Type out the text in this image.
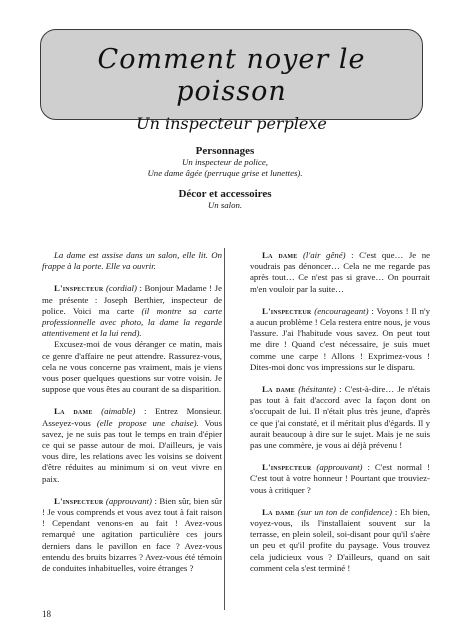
Comment noyer le poisson
Un inspecteur perplexe
Personnages
Un inspecteur de police,
Une dame âgée (perruque grise et lunettes).
Décor et accessoires
Un salon.

La dame est assise dans un salon, elle lit. On frappe à la porte. Elle va ouvrir.

L'inspecteur (cordial) : Bonjour Madame ! Je me présente : Joseph Berthier, inspecteur de police. Voici ma carte (il montre sa carte professionnelle avec photo, la dame la regarde attentivement et la lui rend).

Excusez-moi de vous déranger ce matin, mais ce genre d'affaire ne peut attendre. Rassurez-vous, cela ne vous concerne pas vraiment, mais je viens vous poser quelques questions sur votre voisin. Je suppose que vous êtes au courant de sa disparition.

La dame (aimable) : Entrez Monsieur. Asseyez-vous (elle propose une chaise). Vous savez, je ne suis pas tout le temps en train d'épier ce qui se passe autour de moi. D'ailleurs, je vais vous dire, les relations avec les voisins se doivent d'être réduites au minimum si on veut vivre en paix.

L'inspecteur (approuvant) : Bien sûr, bien sûr ! Je vous comprends et vous avez tout à fait raison ! Cependant venons-en au fait ! Avez-vous remarqué une agitation particulière ces jours derniers dans le pavillon en face ? Avez-vous entendu des bruits bizarres ? Avez-vous été témoin de conduites inhabituelles, voire étranges ?

La dame (l'air gêné) : C'est que… Je ne voudrais pas dénoncer… Cela ne me regarde pas après tout… Ce n'est pas si grave… On pourrait m'en vouloir par la suite…

L'inspecteur (encourageant) : Voyons ! Il n'y a aucun problème ! Cela restera entre nous, je vous l'assure. J'ai l'habitude vous savez. On peut tout me dire ! Quand c'est nécessaire, je suis muet comme une carpe ! Allons ! Exprimez-vous ! Dites-moi donc vos impressions sur le disparu.

La dame (hésitante) : C'est-à-dire… Je n'étais pas tout à fait d'accord avec la façon dont on s'occupait de lui. Il n'était plus très jeune, d'après ce que j'ai constaté, et il méritait plus d'égards. Il y aurait beaucoup à dire sur le sujet. Mais je ne suis pas une commère, je vous ai déjà prévenu !

L'inspecteur (approuvant) : C'est normal ! C'est tout à votre honneur ! Pourtant que trouviez-vous à critiquer ?

La dame (sur un ton de confidence) : Eh bien, voyez-vous, ils l'installaient souvent sur la terrasse, en plein soleil, soi-disant pour qu'il s'aère un peu et qu'il profite du paysage. Vous trouvez cela judicieux vous ? D'ailleurs, quand on sait comment cela s'est terminé !

18
